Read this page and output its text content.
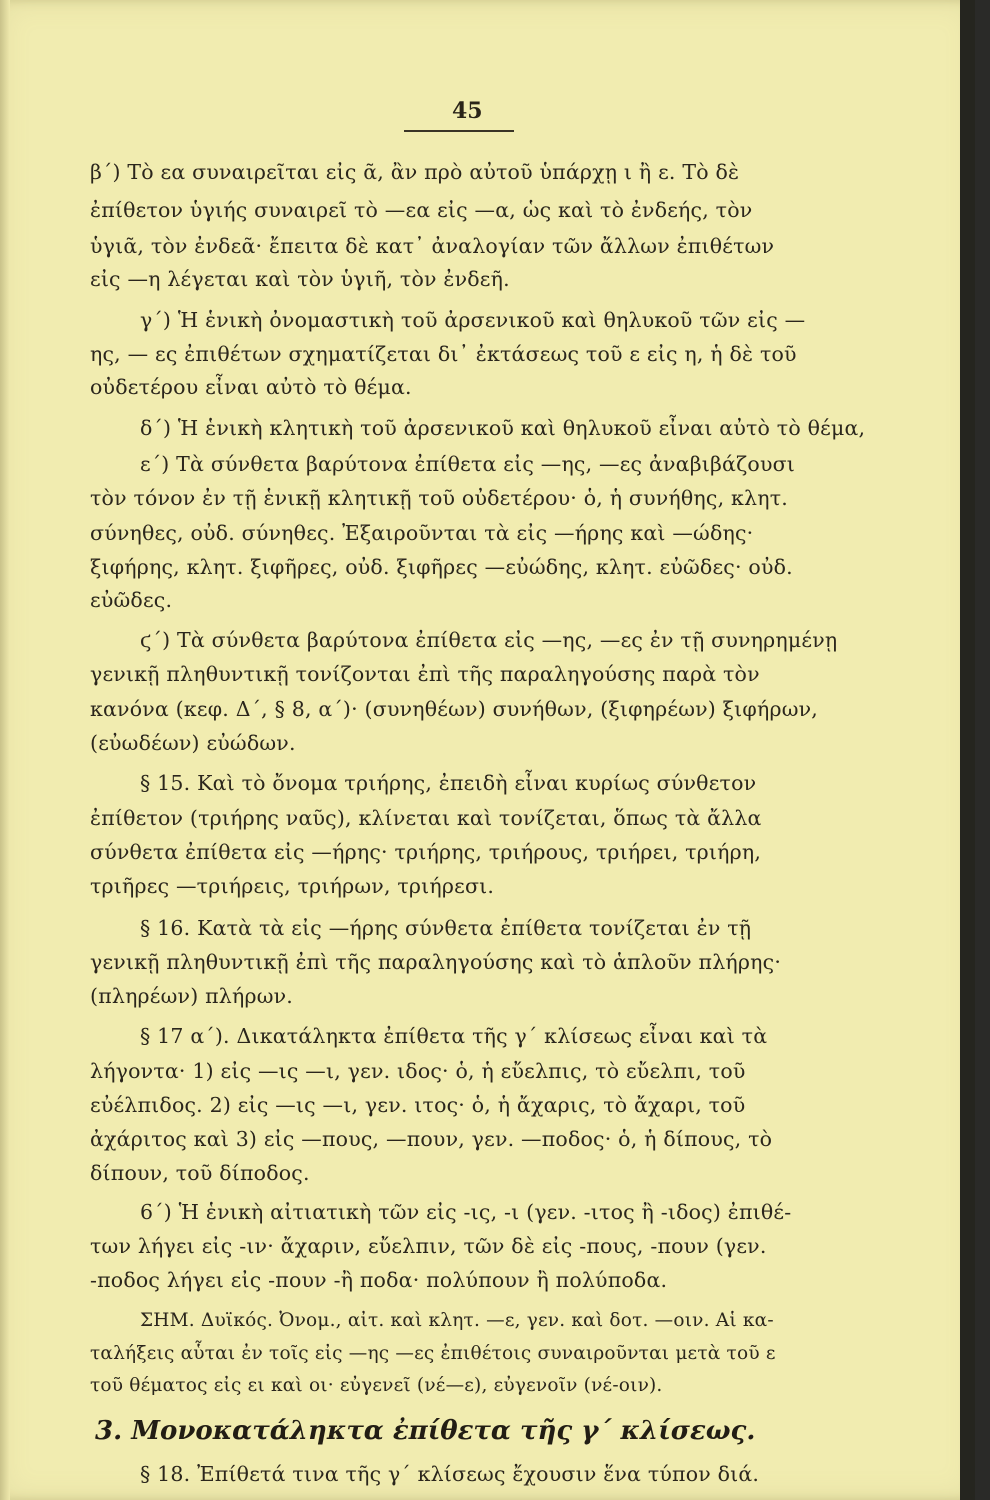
45
β΄) Τὸ εα συναιρεῖται εἰς ᾶ, ἂν πρὸ αὐτοῦ ὑπάρχῃ ι ἢ ε. Τὸ δὲ
ἐπίθετον ὑγιής συναιρεῖ τὸ —εα εἰς —α, ὡς καὶ τὸ ἐνδεής, τὸν
ὑγιᾶ, τὸν ἐνδεᾶ· ἔπειτα δὲ κατ᾽ ἀναλογίαν τῶν ἄλλων ἐπιθέτων
εἰς —η λέγεται καὶ τὸν ὑγιῆ, τὸν ἐνδεῆ.
γ΄) Ἡ ἑνικὴ ὀνομαστικὴ τοῦ ἀρσενικοῦ καὶ θηλυκοῦ τῶν εἰς —
ης, — ες ἐπιθέτων σχηματίζεται δι᾽ ἐκτάσεως τοῦ ε εἰς η, ἡ δὲ τοῦ
οὐδετέρου εἶναι αὐτὸ τὸ θέμα.
δ΄) Ἡ ἑνικὴ κλητικὴ τοῦ ἀρσενικοῦ καὶ θηλυκοῦ εἶναι αὐτὸ τὸ θέμα,
ε΄) Τὰ σύνθετα βαρύτονα ἐπίθετα εἰς —ης, —ες ἀναβιβάζουσι
τὸν τόνον ἐν τῇ ἑνικῇ κλητικῇ τοῦ οὐδετέρου· ὁ, ἡ συνήθης, κλητ.
σύνηθες, οὐδ. σύνηθες. Ἐξαιροῦνται τὰ εἰς —ήρης καὶ —ώδης·
ξιφήρης, κλητ. ξιφῆρες, οὐδ. ξιφῆρες —εὐώδης, κλητ. εὐῶδες· οὐδ.
εὐῶδες.
ϛ΄) Τὰ σύνθετα βαρύτονα ἐπίθετα εἰς —ης, —ες ἐν τῇ συνηρημένῃ
γενικῇ πληθυντικῇ τονίζονται ἐπὶ τῆς παραληγούσης παρὰ τὸν
κανόνα (κεφ. Δ΄, § 8, α΄)· (συνηθέων) συνήθων, (ξιφηρέων) ξιφήρων,
(εὐωδέων) εὐώδων.
§ 15. Καὶ τὸ ὄνομα τριήρης, ἐπειδὴ εἶναι κυρίως σύνθετον
ἐπίθετον (τριήρης ναῦς), κλίνεται καὶ τονίζεται, ὅπως τὰ ἄλλα
σύνθετα ἐπίθετα εἰς —ήρης· τριήρης, τριήρους, τριήρει, τριήρη,
τριῆρες —τριήρεις, τριήρων, τριήρεσι.
§ 16. Κατὰ τὰ εἰς —ήρης σύνθετα ἐπίθετα τονίζεται ἐν τῇ
γενικῇ πληθυντικῇ ἐπὶ τῆς παραληγούσης καὶ τὸ ἁπλοῦν πλήρης·
(πληρέων) πλήρων.
§ 17 α΄). Δικατάληκτα ἐπίθετα τῆς γ΄ κλίσεως εἶναι καὶ τὰ
λήγοντα· 1) εἰς —ις —ι, γεν. ιδος· ὁ, ἡ εὔελπις, τὸ εὔελπι, τοῦ
εὐέλπιδος. 2) εἰς —ις —ι, γεν. ιτος· ὁ, ἡ ἄχαρις, τὸ ἄχαρι, τοῦ
ἀχάριτος καὶ 3) εἰς —πους, —πουν, γεν. —ποδος· ὁ, ἡ δίπους, τὸ
δίπουν, τοῦ δίποδος.
6΄) Ἡ ἑνικὴ αἰτιατικὴ τῶν εἰς -ις, -ι (γεν. -ιτος ἢ -ιδος) ἐπιθέ-
των λήγει εἰς -ιν· ἄχαριν, εὔελπιν, τῶν δὲ εἰς -πους, -πουν (γεν.
-ποδος λήγει εἰς -πουν -ἢ ποδα· πολύπουν ἢ πολύποδα.
ΣΗΜ. Δυϊκός. Ὀνομ., αἰτ. καὶ κλητ. —ε, γεν. καὶ δοτ. —οιν. Αἱ κα-
ταλήξεις αὗται ἐν τοῖς εἰς —ης —ες ἐπιθέτοις συναιροῦνται μετὰ τοῦ ε
τοῦ θέματος εἰς ει καὶ οι· εὐγενεῖ (νέ—ε), εὐγενοῖν (νέ-οιν).
3. Μονοκατάληκτα ἐπίθετα τῆς γ΄ κλίσεως.
§ 18. Ἐπίθετά τινα τῆς γ΄ κλίσεως ἔχουσιν ἕνα τύπον διά.
